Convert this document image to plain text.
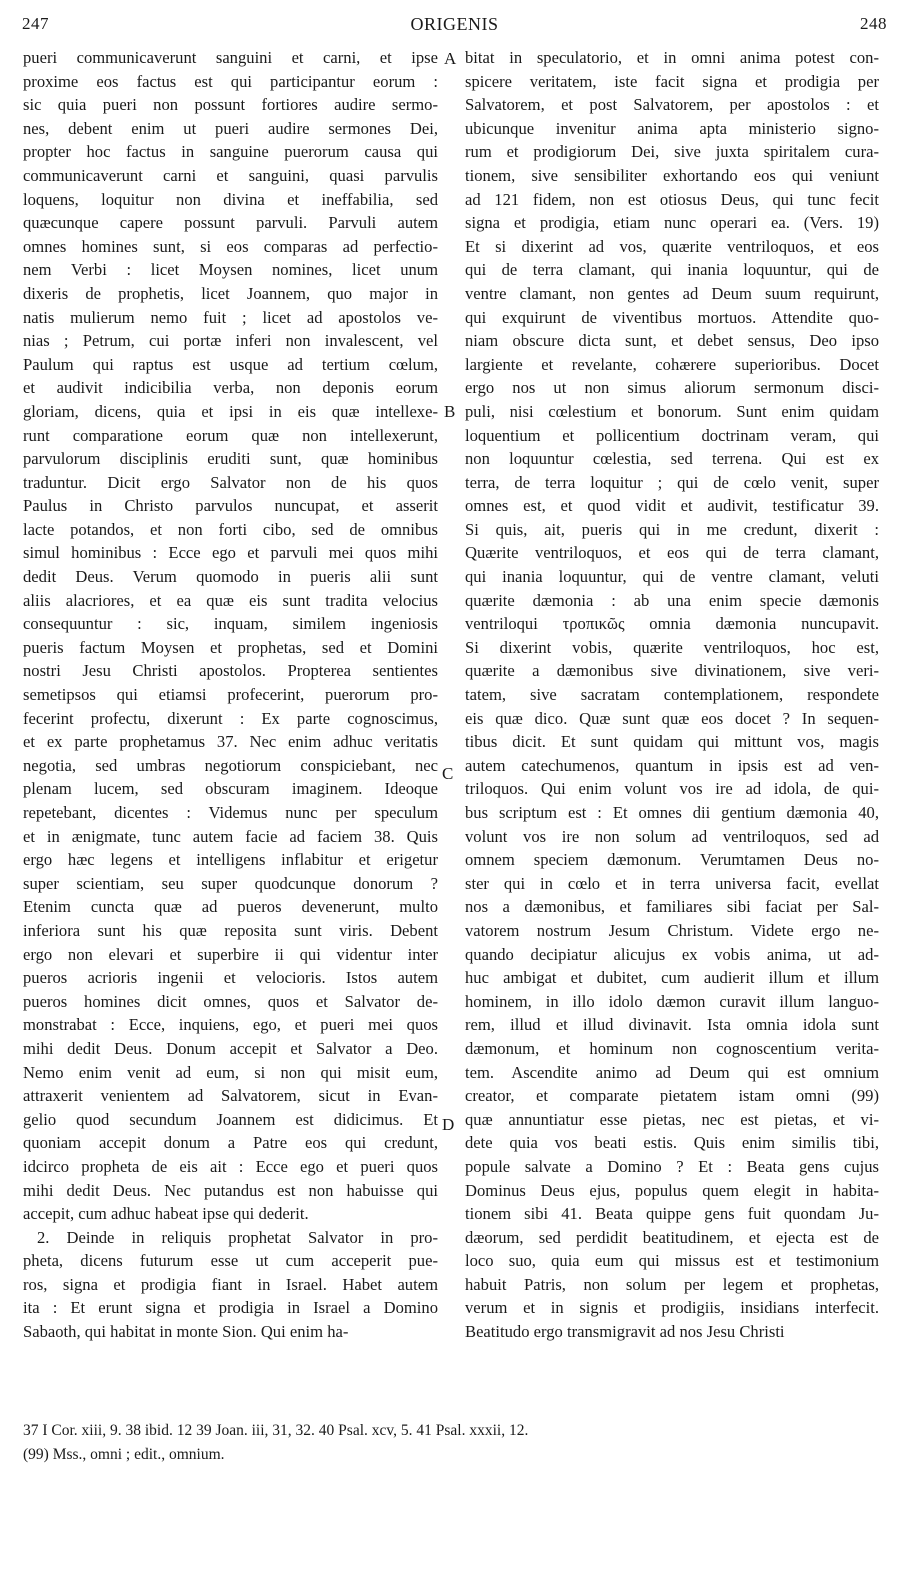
247	ORIGENIS	248
A
B
C
D
pueri communicaverunt sanguini et carni, et ipse
proxime eos factus est qui participantur eorum :
sic quia pueri non possunt fortiores audire sermo-
nes, debent enim ut pueri audire sermones Dei,
propter hoc factus in sanguine puerorum causa qui
communicaverunt carni et sanguini, quasi parvulis
loquens, loquitur non divina et ineffabilia, sed
quæcunque capere possunt parvuli. Parvuli autem
omnes homines sunt, si eos comparas ad perfectio-
nem Verbi : licet Moysen nomines, licet unum
dixeris de prophetis, licet Joannem, quo major in
natis mulierum nemo fuit ; licet ad apostolos ve-
nias ; Petrum, cui portæ inferi non invalescent, vel
Paulum qui raptus est usque ad tertium cœlum,
et audivit indicibilia verba, non deponis eorum
gloriam, dicens, quia et ipsi in eis quæ intellexe-
runt comparatione eorum quæ non intellexerunt,
parvulorum disciplinis eruditi sunt, quæ hominibus
traduntur. Dicit ergo Salvator non de his quos
Paulus in Christo parvulos nuncupat, et asserit
lacte potandos, et non forti cibo, sed de omnibus
simul hominibus : Ecce ego et parvuli mei quos mihi
dedit Deus. Verum quomodo in pueris alii sunt
aliis alacriores, et ea quæ eis sunt tradita velocius
consequuntur : sic, inquam, similem ingeniosis
pueris factum Moysen et prophetas, sed et Domini
nostri Jesu Christi apostolos. Propterea sentientes
semetipsos qui etiamsi profecerint, puerorum pro-
fecerint profectu, dixerunt : Ex parte cognoscimus,
et ex parte prophetamus 37. Nec enim adhuc veritatis
negotia, sed umbras negotiorum conspiciebant, nec
plenam lucem, sed obscuram imaginem. Ideoque
repetebant, dicentes : Videmus nunc per speculum
et in ænigmate, tunc autem facie ad faciem 38. Quis
ergo hæc legens et intelligens inflabitur et erigetur
super scientiam, seu super quodcunque donorum ?
Etenim cuncta quæ ad pueros devenerunt, multo
inferiora sunt his quæ reposita sunt viris. Debent
ergo non elevari et superbire ii qui videntur inter
pueros acrioris ingenii et velocioris. Istos autem
pueros homines dicit omnes, quos et Salvator de-
monstrabat : Ecce, inquiens, ego, et pueri mei quos
mihi dedit Deus. Donum accepit et Salvator a Deo.
Nemo enim venit ad eum, si non qui misit eum,
attraxerit venientem ad Salvatorem, sicut in Evan-
gelio quod secundum Joannem est didicimus. Et
quoniam accepit donum a Patre eos qui credunt,
idcirco propheta de eis ait : Ecce ego et pueri quos
mihi dedit Deus. Nec putandus est non habuisse qui
accepit, cum adhuc habeat ipse qui dederit.
2. Deinde in reliquis prophetat Salvator in pro-
pheta, dicens futurum esse ut cum acceperit pue-
ros, signa et prodigia fiant in Israel. Habet autem
ita : Et erunt signa et prodigia in Israel a Domino
Sabaoth, qui habitat in monte Sion. Qui enim ha-
bitat in speculatorio, et in omni anima potest con-
spicere veritatem, iste facit signa et prodigia per
Salvatorem, et post Salvatorem, per apostolos : et
ubicunque invenitur anima apta ministerio signo-
rum et prodigiorum Dei, sive juxta spiritalem cura-
tionem, sive sensibiliter exhortando eos qui veniunt
ad 121 fidem, non est otiosus Deus, qui tunc fecit
signa et prodigia, etiam nunc operari ea. (Vers. 19)
Et si dixerint ad vos, quærite ventriloquos, et eos
qui de terra clamant, qui inania loquuntur, qui de
ventre clamant, non gentes ad Deum suum requirunt,
qui exquirunt de viventibus mortuos. Attendite quo-
niam obscure dicta sunt, et debet sensus, Deo ipso
largiente et revelante, cohærere superioribus. Docet
ergo nos ut non simus aliorum sermonum disci-
puli, nisi cœlestium et bonorum. Sunt enim quidam
loquentium et pollicentium doctrinam veram, qui
non loquuntur cœlestia, sed terrena. Qui est ex
terra, de terra loquitur ; qui de cœlo venit, super
omnes est, et quod vidit et audivit, testificatur 39.
Si quis, ait, pueris qui in me credunt, dixerit :
Quærite ventriloquos, et eos qui de terra clamant,
qui inania loquuntur, qui de ventre clamant, veluti
quærite dæmonia : ab una enim specie dæmonis
ventriloqui τροπικῶς omnia dæmonia nuncupavit.
Si dixerint vobis, quærite ventriloquos, hoc est,
quærite a dæmonibus sive divinationem, sive veri-
tatem, sive sacratam contemplationem, respondete
eis quæ dico. Quæ sunt quæ eos docet ? In sequen-
tibus dicit. Et sunt quidam qui mittunt vos, magis
autem catechumenos, quantum in ipsis est ad ven-
triloquos. Qui enim volunt vos ire ad idola, de qui-
bus scriptum est : Et omnes dii gentium dæmonia 40,
volunt vos ire non solum ad ventriloquos, sed ad
omnem speciem dæmonum. Verumtamen Deus no-
ster qui in cœlo et in terra universa facit, evellat
nos a dæmonibus, et familiares sibi faciat per Sal-
vatorem nostrum Jesum Christum. Videte ergo ne-
quando decipiatur alicujus ex vobis anima, ut ad-
huc ambigat et dubitet, cum audierit illum et illum
hominem, in illo idolo dæmon curavit illum languo-
rem, illud et illud divinavit. Ista omnia idola sunt
dæmonum, et hominum non cognoscentium verita-
tem. Ascendite animo ad Deum qui est omnium
creator, et comparate pietatem istam omni (99)
quæ annuntiatur esse pietas, nec est pietas, et vi-
dete quia vos beati estis. Quis enim similis tibi,
popule salvate a Domino ? Et : Beata gens cujus
Dominus Deus ejus, populus quem elegit in habita-
tionem sibi 41. Beata quippe gens fuit quondam Ju-
dæorum, sed perdidit beatitudinem, et ejecta est de
loco suo, quia eum qui missus est et testimonium
habuit Patris, non solum per legem et prophetas,
verum et in signis et prodigiis, insidians interfecit.
Beatitudo ergo transmigravit ad nos Jesu Christi
37 I Cor. xiii, 9. 38 ibid. 12 39 Joan. iii, 31, 32. 40 Psal. xcv, 5. 41 Psal. xxxii, 12.
(99) Mss., omni ; edit., omnium.
